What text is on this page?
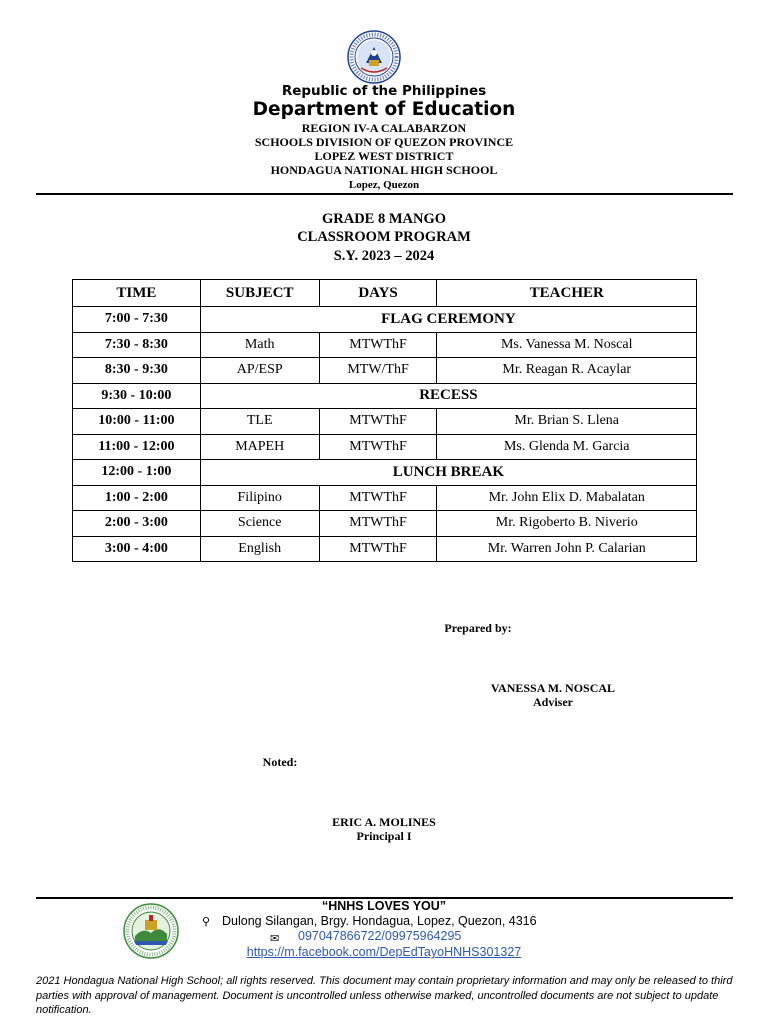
Republic of the Philippines
Department of Education
REGION IV-A CALABARZON
SCHOOLS DIVISION OF QUEZON PROVINCE
LOPEZ WEST DISTRICT
HONDAGUA NATIONAL HIGH SCHOOL
Lopez, Quezon
GRADE 8 MANGO
CLASSROOM PROGRAM
S.Y. 2023 – 2024
TIME	SUBJECT	DAYS	TEACHER
7:00 - 7:30	FLAG CEREMONY		
7:30 - 8:30	Math	MTWThF	Ms. Vanessa M. Noscal
8:30 - 9:30	AP/ESP	MTW/ThF	Mr. Reagan R. Acaylar
9:30 - 10:00	RECESS		
10:00 - 11:00	TLE	MTWThF	Mr. Brian S. Llena
11:00 - 12:00	MAPEH	MTWThF	Ms. Glenda M. Garcia
12:00 - 1:00	LUNCH BREAK		
1:00 - 2:00	Filipino	MTWThF	Mr. John Elix D. Mabalatan
2:00 - 3:00	Science	MTWThF	Mr. Rigoberto B. Niverio
3:00 - 4:00	English	MTWThF	Mr. Warren John P. Calarian
Prepared by:
VANESSA M. NOSCAL
Adviser
Noted:
ERIC A. MOLINES
Principal I
“HNHS LOVES YOU”
⚲ Dulong Silangan, Brgy. Hondagua, Lopez, Quezon, 4316
✉ 097047866722/09975964295
https://m.facebook.com/DepEdTayoHNHS301327
2021 Hondagua National High School; all rights reserved. This document may contain proprietary information and may only be released to third parties with approval of management. Document is uncontrolled unless otherwise marked, uncontrolled documents are not subject to update notification.
